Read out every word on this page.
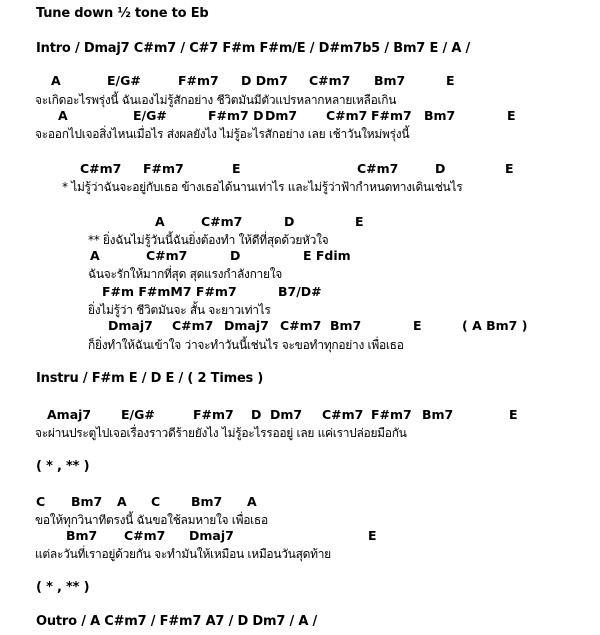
Tune down ½ tone to Eb
Intro / Dmaj7 C#m7 / C#7 F#m F#m/E / D#m7b5 / Bm7 E / A /
A	E/G#	F#m7 D Dm7 C#m7 Bm7	E
จะเกิดอะไรพรุ่งนี้ ฉันเองไม่รู้สักอย่าง ชีวิตมันมีตัวแปรหลากหลายเหลือเกิน
A	E/G#	F#m7 D Dm7 C#m7 F#m7 Bm7	E
จะออกไปเจอสิ่งไหนเมื่อไร ส่งผลยังไง ไม่รู้อะไรสักอย่าง เลย เช้าวันใหม่พรุ่งนี้
C#m7 F#m7	E	C#m7	D	E
* ไม่รู้ว่าฉันจะอยู่กับเธอ ข้างเธอได้นานเท่าไร และไม่รู้ว่าฟ้ากำหนดทางเดินเช่นไร
A	C#m7	D	E
** ยิ่งฉันไม่รู้วันนี้ฉันยิ่งต้องทำ ให้ดีที่สุดด้วยหัวใจ
A	C#m7	D	E Fdim
ฉันจะรักให้มากที่สุด สุดแรงกำลังกายใจ
F#m F#mM7 F#m7	B7/D#
ยิ่งไม่รู้ว่า ชีวิตมันจะ สั้น จะยาวเท่าไร
Dmaj7 C#m7 Dmaj7 C#m7 Bm7	E	( A Bm7 )
ก็ยิ่งทำให้ฉันเข้าใจ ว่าจะทำวันนี้เช่นไร จะขอทำทุกอย่าง เพื่อเธอ
Instru / F#m E / D E / ( 2 Times )
Amaj7 E/G#	F#m7 D Dm7 C#m7 F#m7 Bm7	E
จะผ่านประตูไปเจอเรื่องราวดีร้ายยังไง ไม่รู้อะไรรออยู่ เลย แค่เราปล่อยมือกัน
( * , ** )
C Bm7 A C Bm7 A
ขอให้ทุกวินาทีตรงนี้ ฉันขอใช้ลมหายใจ เพื่อเธอ
Bm7 C#m7 Dmaj7	E
แต่ละวันที่เราอยู่ด้วยกัน จะทำมันให้เหมือน เหมือนวันสุดท้าย
( * , ** )
Outro / A C#m7 / F#m7 A7 / D Dm7 / A /
